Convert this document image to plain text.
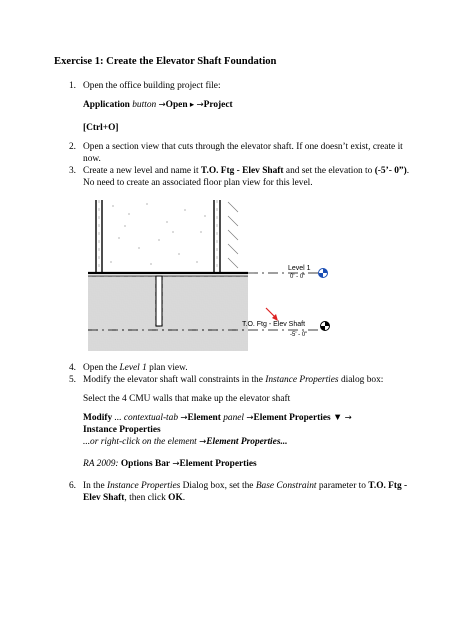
Exercise 1: Create the Elevator Shaft Foundation
1. Open the office building project file:
Application button →Open ▸ →Project
[Ctrl+O]
2. Open a section view that cuts through the elevator shaft. If one doesn’t exist, create it
now.
3. Create a new level and name it T.O. Ftg - Elev Shaft and set the elevation to (-5’- 0”).
No need to create an associated floor plan view for this level.
Level 1
0' - 0"
T.O. Ftg - Elev Shaft
-5' - 0"
4. Open the Level 1 plan view.
5. Modify the elevator shaft wall constraints in the Instance Properties dialog box:
Select the 4 CMU walls that make up the elevator shaft
Modify ... contextual-tab →Element panel →Element Properties ▼ →
Instance Properties
...or right-click on the element →Element Properties...
RA 2009: Options Bar →Element Properties
6. In the Instance Properties Dialog box, set the Base Constraint parameter to T.O. Ftg -
Elev Shaft, then click OK.
